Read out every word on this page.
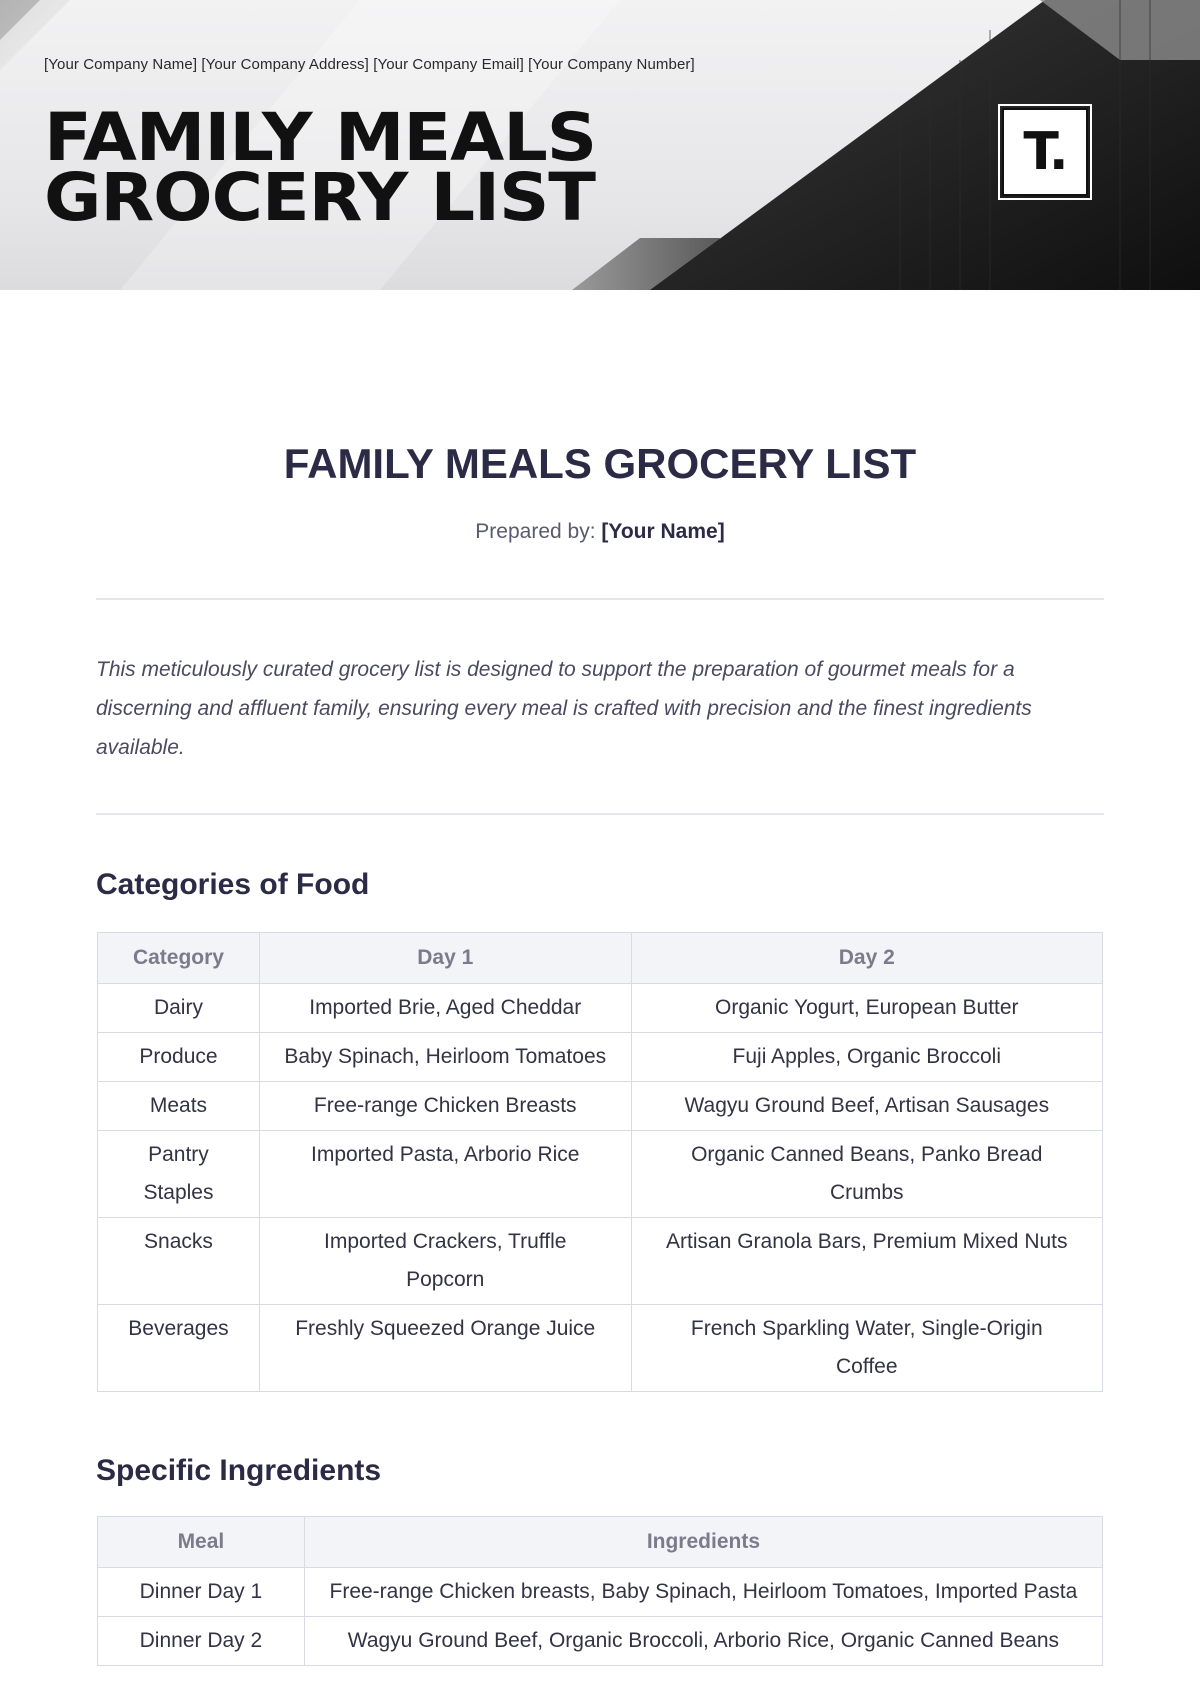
[Your Company Name] [Your Company Address] [Your Company Email] [Your Company Number]
FAMILY MEALS
GROCERY LIST
T.
FAMILY MEALS GROCERY LIST
Prepared by: [Your Name]
This meticulously curated grocery list is designed to support the preparation of gourmet meals for a discerning and affluent family, ensuring every meal is crafted with precision and the finest ingredients available.
Categories of Food
Category	Day 1	Day 2
Dairy	Imported Brie, Aged Cheddar	Organic Yogurt, European Butter
Produce	Baby Spinach, Heirloom Tomatoes	Fuji Apples, Organic Broccoli
Meats	Free-range Chicken Breasts	Wagyu Ground Beef, Artisan Sausages
Pantry Staples	Imported Pasta, Arborio Rice	Organic Canned Beans, Panko Bread Crumbs
Snacks	Imported Crackers, Truffle Popcorn	Artisan Granola Bars, Premium Mixed Nuts
Beverages	Freshly Squeezed Orange Juice	French Sparkling Water, Single-Origin Coffee
Specific Ingredients
Meal	Ingredients
Dinner Day 1	Free-range Chicken breasts, Baby Spinach, Heirloom Tomatoes, Imported Pasta
Dinner Day 2	Wagyu Ground Beef, Organic Broccoli, Arborio Rice, Organic Canned Beans
